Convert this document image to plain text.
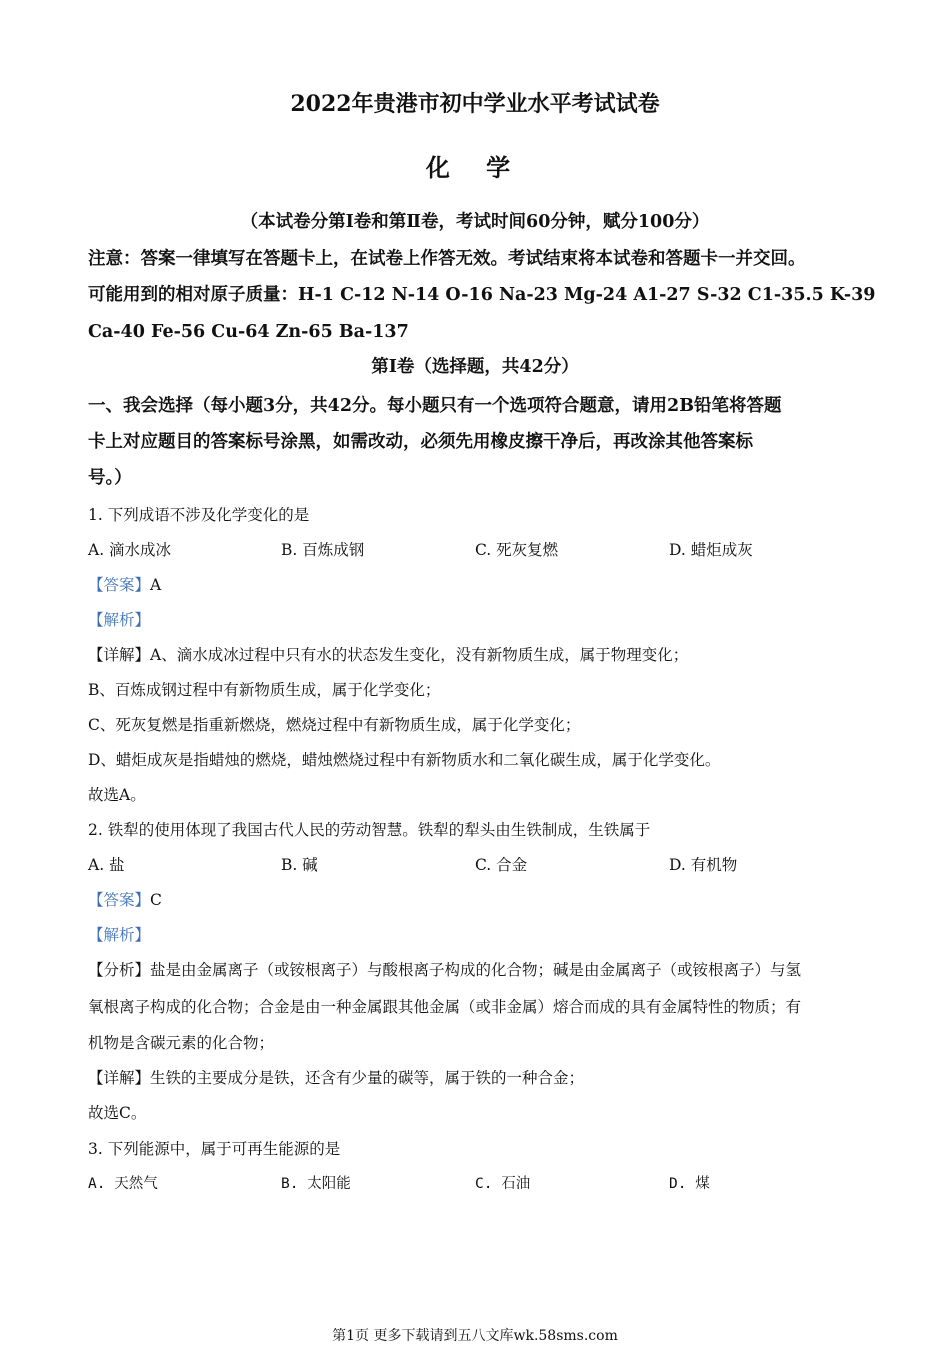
2022年贵港市初中学业水平考试试卷
化 学
（本试卷分第I卷和第Ⅱ卷，考试时间60分钟，赋分100分）
注意：答案一律填写在答题卡上，在试卷上作答无效。考试结束将本试卷和答题卡一并交回。
可能用到的相对原子质量：H-1 C-12 N-14 O-16 Na-23 Mg-24 A1-27 S-32 C1-35.5 K-39
Ca-40 Fe-56 Cu-64 Zn-65 Ba-137
第I卷（选择题，共42分）
一、我会选择（每小题3分，共42分。每小题只有一个选项符合题意，请用2B铅笔将答题
卡上对应题目的答案标号涂黑，如需改动，必须先用橡皮擦干净后，再改涂其他答案标
号。）
1. 下列成语不涉及化学变化的是
A. 滴水成冰	B. 百炼成钢	C. 死灰复燃	D. 蜡炬成灰
【答案】A
【解析】
【详解】A、滴水成冰过程中只有水的状态发生变化，没有新物质生成，属于物理变化；
B、百炼成钢过程中有新物质生成，属于化学变化；
C、死灰复燃是指重新燃烧，燃烧过程中有新物质生成，属于化学变化；
D、蜡炬成灰是指蜡烛的燃烧，蜡烛燃烧过程中有新物质水和二氧化碳生成，属于化学变化。
故选A。
2. 铁犁的使用体现了我国古代人民的劳动智慧。铁犁的犁头由生铁制成，生铁属于
A. 盐	B. 碱	C. 合金	D. 有机物
【答案】C
【解析】
【分析】盐是由金属离子（或铵根离子）与酸根离子构成的化合物；碱是由金属离子（或铵根离子）与氢
氧根离子构成的化合物；合金是由一种金属跟其他金属（或非金属）熔合而成的具有金属特性的物质；有
机物是含碳元素的化合物；
【详解】生铁的主要成分是铁，还含有少量的碳等，属于铁的一种合金；
故选C。
3. 下列能源中，属于可再生能源的是
A. 天然气	B. 太阳能	C. 石油	D. 煤
第1页 更多下载请到五八文库wk.58sms.com
